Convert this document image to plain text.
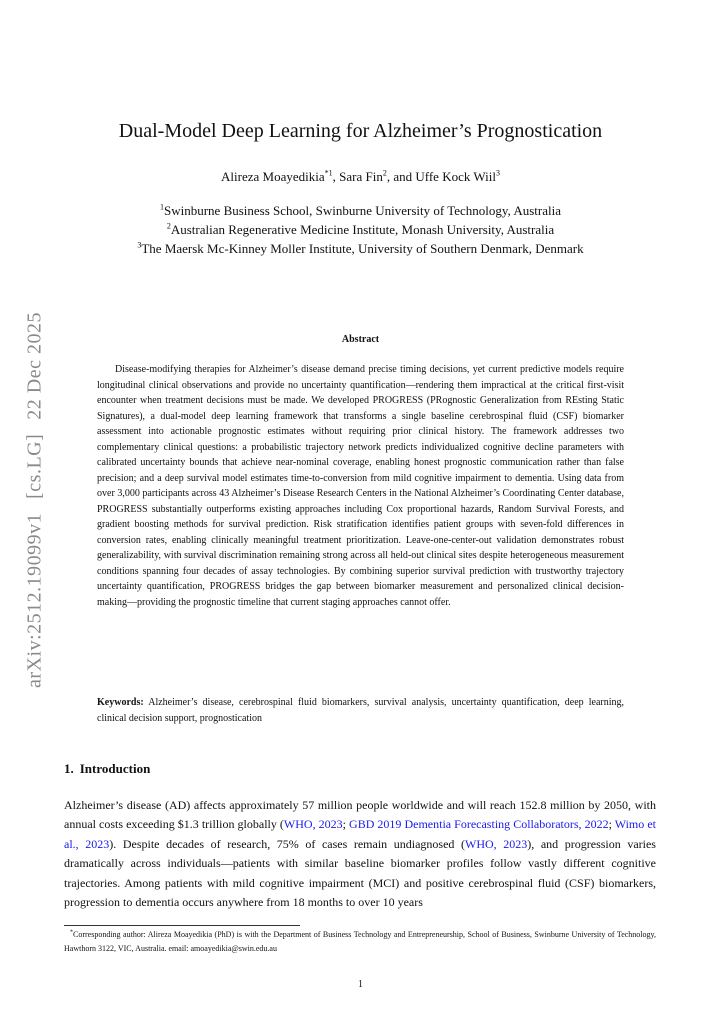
arXiv:2512.19099v1[cs.LG]22 Dec 2025
Dual-Model Deep Learning for Alzheimer’s Prognostication
Alireza Moayedikia$^{*1}$, Sara Fin$^2$, and Uffe Kock Wiil$^3$
$^1$Swinburne Business School, Swinburne University of Technology, Australia
$^2$Australian Regenerative Medicine Institute, Monash University, Australia
$^3$The Maersk Mc-Kinney Moller Institute, University of Southern Denmark, Denmark
Abstract

Disease-modifying therapies for Alzheimer’s disease demand precise timing decisions, yet current predictive models require longitudinal clinical observations and provide no uncertainty quantification—rendering them impractical at the critical first-visit encounter when treatment decisions must be made. We developed PROGRESS (PRognostic Generalization from REsting Static Signatures), a dual-model deep learning framework that transforms a single baseline cerebrospinal fluid (CSF) biomarker assessment into actionable prognostic estimates without requiring prior clinical history. The framework addresses two complementary clinical questions: a probabilistic trajectory network predicts individualized cognitive decline parameters with calibrated uncertainty bounds that achieve near-nominal coverage, enabling honest prognostic communication rather than false precision; and a deep survival model estimates time-to-conversion from mild cognitive impairment to dementia. Using data from over 3,000 participants across 43 Alzheimer’s Disease Research Centers in the National Alzheimer’s Coordinating Center database, PROGRESS substantially outperforms existing approaches including Cox proportional hazards, Random Survival Forests, and gradient boosting methods for survival prediction. Risk stratification identifies patient groups with seven-fold differences in conversion rates, enabling clinically meaningful treatment prioritization. Leave-one-center-out validation demonstrates robust generalizability, with survival discrimination remaining strong across all held-out clinical sites despite heterogeneous measurement conditions spanning four decades of assay technologies. By combining superior survival prediction with trustworthy trajectory uncertainty quantification, PROGRESS bridges the gap between biomarker measurement and personalized clinical decision-making—providing the prognostic timeline that current staging approaches cannot offer.

Keywords: Alzheimer’s disease, cerebrospinal fluid biomarkers, survival analysis, uncertainty quantification, deep learning, clinical decision support, prognostication

1. Introduction

Alzheimer’s disease (AD) affects approximately 57 million people worldwide and will reach 152.8 million by 2050, with annual costs exceeding $1.3 trillion globally (WHO, 2023; GBD 2019 Dementia Forecasting Collaborators, 2022; Wimo et al., 2023). Despite decades of research, 75% of cases remain undiagnosed (WHO, 2023), and progression varies dramatically across individuals—patients with similar baseline biomarker profiles follow vastly different cognitive trajectories. Among patients with mild cognitive impairment (MCI) and positive cerebrospinal fluid (CSF) biomarkers, progression to dementia occurs anywhere from 18 months to over 10 years

*Corresponding author: Alireza Moayedikia (PhD) is with the Department of Business Technology and Entrepreneurship, School of Business, Swinburne University of Technology, Hawthorn 3122, VIC, Australia. email: amoayedikia@swin.edu.au

1
